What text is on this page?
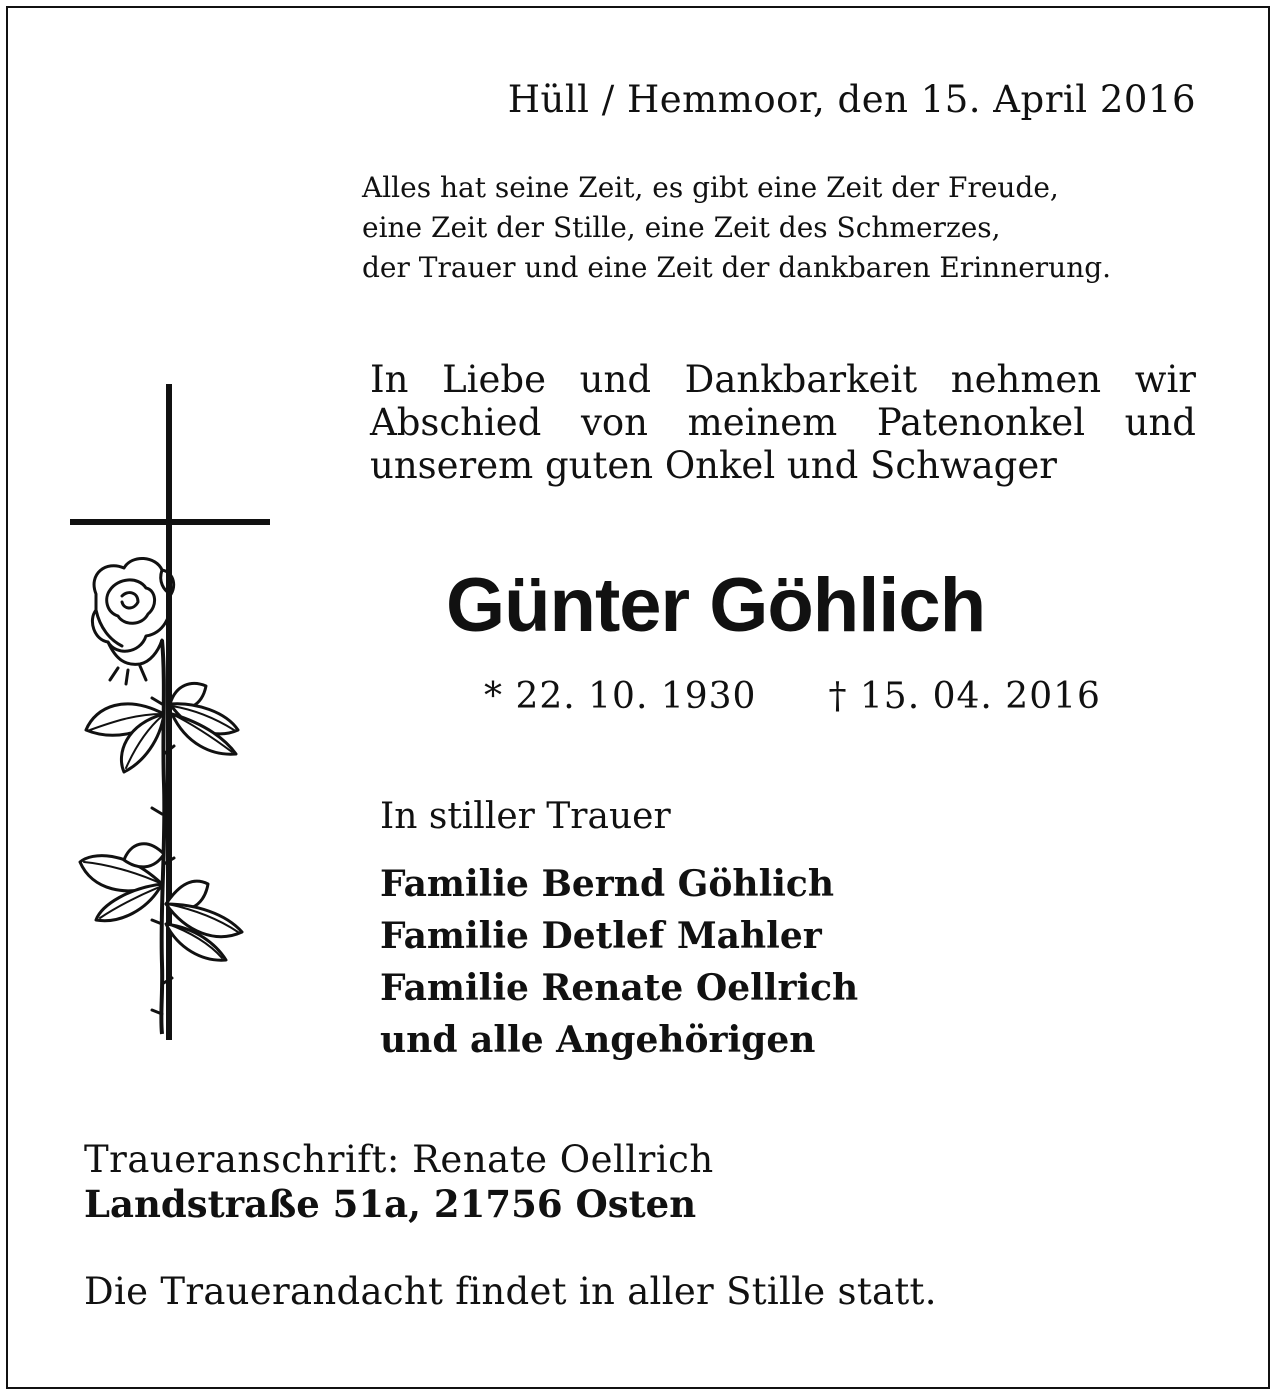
Hüll / Hemmoor, den 15. April 2016

Alles hat seine Zeit, es gibt eine Zeit der Freude,
eine Zeit der Stille, eine Zeit des Schmerzes,
der Trauer und eine Zeit der dankbaren Erinnerung.
In Liebe und Dankbarkeit nehmen wir
Abschied von meinem Patenonkel und
unserem guten Onkel und Schwager
Günter Göhlich

* 22. 10. 1930 † 15. 04. 2016

In stiller Trauer

Familie Bernd Göhlich
Familie Detlef Mahler
Familie Renate Oellrich
und alle Angehörigen

Traueranschrift: Renate Oellrich

Landstraße 51a, 21756 Osten

Die Trauerandacht findet in aller Stille statt.
